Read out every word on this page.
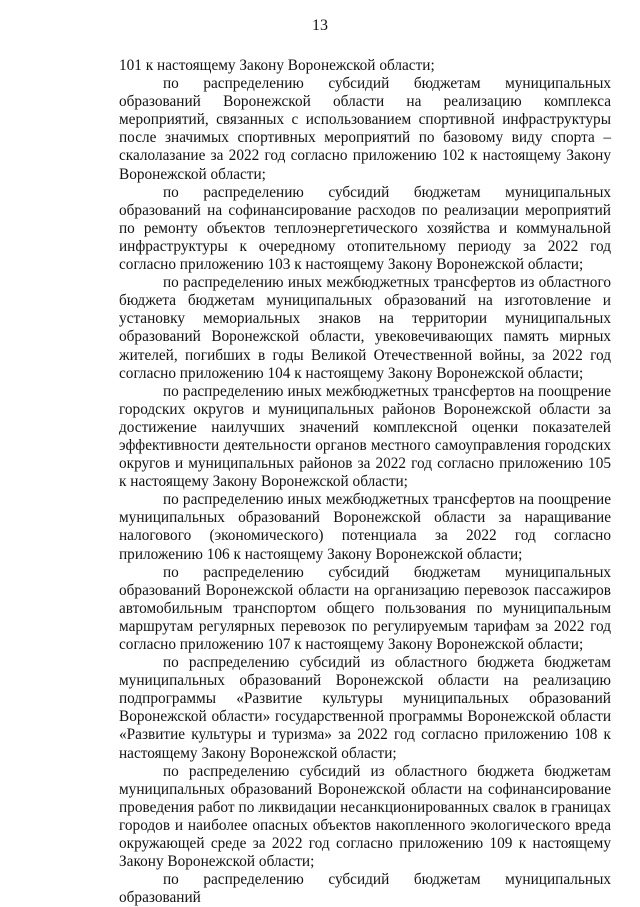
13

101 к настоящему Закону Воронежской области;

по распределению субсидий бюджетам муниципальных образований Воронежской области на реализацию комплекса мероприятий, связанных с использованием спортивной инфраструктуры после значимых спортивных мероприятий по базовому виду спорта – скалолазание за 2022 год согласно приложению 102 к настоящему Закону Воронежской области;

по распределению субсидий бюджетам муниципальных образований на софинансирование расходов по реализации мероприятий по ремонту объектов теплоэнергетического хозяйства и коммунальной инфраструктуры к очередному отопительному периоду за 2022 год согласно приложению 103 к настоящему Закону Воронежской области;

по распределению иных межбюджетных трансфертов из областного бюджета бюджетам муниципальных образований на изготовление и установку мемориальных знаков на территории муниципальных образований Воронежской области, увековечивающих память мирных жителей, погибших в годы Великой Отечественной войны, за 2022 год согласно приложению 104 к настоящему Закону Воронежской области;

по распределению иных межбюджетных трансфертов на поощрение городских округов и муниципальных районов Воронежской области за достижение наилучших значений комплексной оценки показателей эффективности деятельности органов местного самоуправления городских округов и муниципальных районов за 2022 год согласно приложению 105 к настоящему Закону Воронежской области;

по распределению иных межбюджетных трансфертов на поощрение муниципальных образований Воронежской области за наращивание налогового (экономического) потенциала за 2022 год согласно приложению 106 к настоящему Закону Воронежской области;

по распределению субсидий бюджетам муниципальных образований Воронежской области на организацию перевозок пассажиров автомобильным транспортом общего пользования по муниципальным маршрутам регулярных перевозок по регулируемым тарифам за 2022 год согласно приложению 107 к настоящему Закону Воронежской области;

по распределению субсидий из областного бюджета бюджетам муниципальных образований Воронежской области на реализацию подпрограммы «Развитие культуры муниципальных образований Воронежской области» государственной программы Воронежской области «Развитие культуры и туризма» за 2022 год согласно приложению 108 к настоящему Закону Воронежской области;

по распределению субсидий из областного бюджета бюджетам муниципальных образований Воронежской области на софинансирование проведения работ по ликвидации несанкционированных свалок в границах городов и наиболее опасных объектов накопленного экологического вреда окружающей среде за 2022 год согласно приложению 109 к настоящему Закону Воронежской области;

по распределению субсидий бюджетам муниципальных образований
